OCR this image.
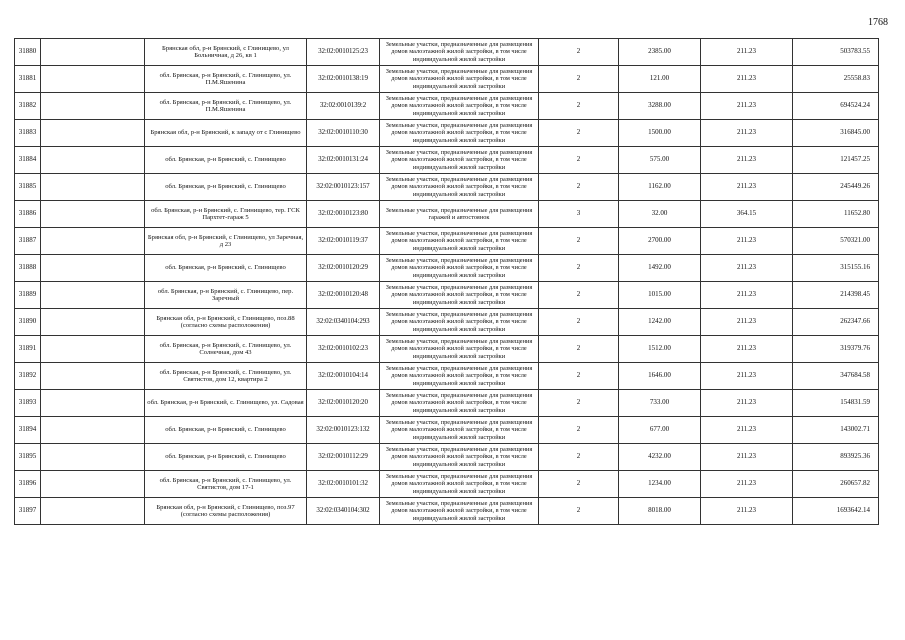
1768
31880		Брянская обл, р-н Брянский, с Глинищево, ул Больничная, д 26, кв 1	32:02:0010125:23	Земельные участки, предназначенные для размещения домов малоэтажной жилой застройки, в том числе индивидуальной жилой застройки	2	2385.00	211.23	503783.55
31881		обл. Брянская, р-н Брянский, с. Глинищево, ул. П.М.Яшенина	32:02:0010138:19	Земельные участки, предназначенные для размещения домов малоэтажной жилой застройки, в том числе индивидуальной жилой застройки	2	121.00	211.23	25558.83
31882		обл. Брянская, р-н Брянский, с. Глинищево, ул. П.М.Яшенина	32:02:0010139:2	Земельные участки, предназначенные для размещения домов малоэтажной жилой застройки, в том числе индивидуальной жилой застройки	2	3288.00	211.23	694524.24
31883		Брянская обл, р-н Брянский, к западу от с Глинищево	32:02:0010110:30	Земельные участки, предназначенные для размещения домов малоэтажной жилой застройки, в том числе индивидуальной жилой застройки	2	1500.00	211.23	316845.00
31884		обл. Брянская, р-н Брянский, с. Глинищево	32:02:0010131:24	Земельные участки, предназначенные для размещения домов малоэтажной жилой застройки, в том числе индивидуальной жилой застройки	2	575.00	211.23	121457.25
31885		обл. Брянская, р-н Брянский, с. Глинищево	32:02:0010123:157	Земельные участки, предназначенные для размещения домов малоэтажной жилой застройки, в том числе индивидуальной жилой застройки	2	1162.00	211.23	245449.26
31886		обл. Брянская, р-н Брянский, с. Глинищево, тер. ГСК Пархтет-гараж 5	32:02:0010123:80	Земельные участки, предназначенные для размещения гаражей и автостоянок	3	32.00	364.15	11652.80
31887		Брянская обл, р-н Брянский, с Глинищево, ул Заречная, д 23	32:02:0010119:37	Земельные участки, предназначенные для размещения домов малоэтажной жилой застройки, в том числе индивидуальной жилой застройки	2	2700.00	211.23	570321.00
31888		обл. Брянская, р-н Брянский, с. Глинищево	32:02:0010120:29	Земельные участки, предназначенные для размещения домов малоэтажной жилой застройки, в том числе индивидуальной жилой застройки	2	1492.00	211.23	315155.16
31889		обл. Брянская, р-н Брянский, с. Глинищево, пер. Заречный	32:02:0010120:48	Земельные участки, предназначенные для размещения домов малоэтажной жилой застройки, в том числе индивидуальной жилой застройки	2	1015.00	211.23	214398.45
31890		Брянская обл, р-н Брянский, с Глинищево, поз.88 (согласно схемы расположения)	32:02:0340104:293	Земельные участки, предназначенные для размещения домов малоэтажной жилой застройки, в том числе индивидуальной жилой застройки	2	1242.00	211.23	262347.66
31891		обл. Брянская, р-н Брянский, с. Глинищево, ул. Солнечная, дом 43	32:02:0010102:23	Земельные участки, предназначенные для размещения домов малоэтажной жилой застройки, в том числе индивидуальной жилой застройки	2	1512.00	211.23	319379.76
31892		обл. Брянская, р-н Брянский, с. Глинищево, ул. Святистов, дом 12, квартира 2	32:02:0010104:14	Земельные участки, предназначенные для размещения домов малоэтажной жилой застройки, в том числе индивидуальной жилой застройки	2	1646.00	211.23	347684.58
31893		обл. Брянская, р-н Брянский, с. Глинищево, ул. Садовая	32:02:0010120:20	Земельные участки, предназначенные для размещения домов малоэтажной жилой застройки, в том числе индивидуальной жилой застройки	2	733.00	211.23	154831.59
31894		обл. Брянская, р-н Брянский, с. Глинищево	32:02:0010123:132	Земельные участки, предназначенные для размещения домов малоэтажной жилой застройки, в том числе индивидуальной жилой застройки	2	677.00	211.23	143002.71
31895		обл. Брянская, р-н Брянский, с. Глинищево	32:02:0010112:29	Земельные участки, предназначенные для размещения домов малоэтажной жилой застройки, в том числе индивидуальной жилой застройки	2	4232.00	211.23	893925.36
31896		обл. Брянская, р-н Брянский, с. Глинищево, ул. Святистов, дом 17-1	32:02:0010101:32	Земельные участки, предназначенные для размещения домов малоэтажной жилой застройки, в том числе индивидуальной жилой застройки	2	1234.00	211.23	260657.82
31897		Брянская обл, р-н Брянский, с Глинищево, поз.97 (согласно схемы расположения)	32:02:0340104:302	Земельные участки, предназначенные для размещения домов малоэтажной жилой застройки, в том числе индивидуальной жилой застройки	2	8018.00	211.23	1693642.14
